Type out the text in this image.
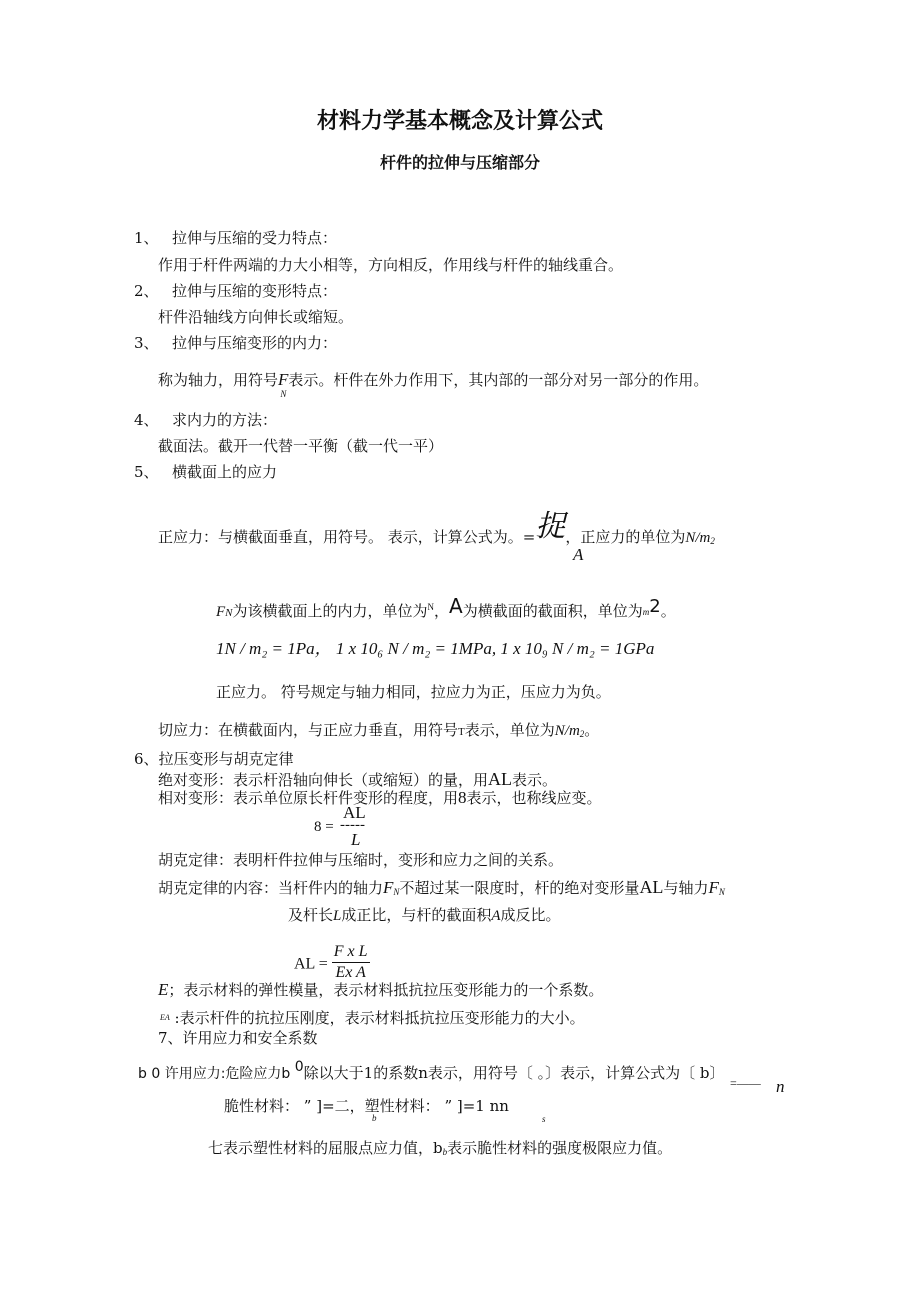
材料力学基本概念及计算公式
杆件的拉伸与压缩部分
1、 拉伸与压缩的受力特点：
作用于杆件两端的力大小相等，方向相反，作用线与杆件的轴线重合。
2、 拉伸与压缩的变形特点：
杆件沿轴线方向伸长或缩短。
3、 拉伸与压缩变形的内力：
称为轴力，用符号$F_N$表示。杆件在外力作用下，其内部的一部分对另一部分的作用。
4、 求内力的方法：
截面法。截开一代替一平衡（截一代一平）
5、 横截面上的应力
正应力：与横截面垂直，用符号。 表示，计算公式为。=捉，正应力的单位为$N/m_2$
A
FN为该横截面上的内力，单位为$^N$，A为横截面的截面积，单位为m2。
1N / m₂ = 1Pa， 1 x 10₆ N / m₂ = 1MPa, 1 x 10₉ N / m₂ = 1GPa
正应力。 符号规定与轴力相同，拉应力为正，压应力为负。
切应力：在横截面内，与正应力垂直，用符号T表示，单位为$N/m_2$。
6、拉压变形与胡克定律
绝对变形：表示杆沿轴向伸长（或缩短）的量，用AL表示。
相对变形：表示单位原长杆件变形的程度，用8表示，也称线应变。
8 =
AL
-----
L
胡克定律：表明杆件拉伸与压缩时，变形和应力之间的关系。
胡克定律的内容：当杆件内的轴力$F_N$不超过某一限度时，杆的绝对变形量AL与轴力$F_N$
及杆长L成正比，与杆的截面积A成反比。
AL = $\frac{\text{F x L}}{\text{Ex A}}$
E；表示材料的弹性模量，表示材料抵抗拉压变形能力的一个系数。
$^{EA}$ :表示杆件的抗拉压刚度，表示材料抵抗拉压变形能力的大小。
7、许用应力和安全系数
b 0 许用应力:危险应力b 0除以大于1的系数n表示，用符号〔 。〕表示，计算公式为〔 b〕
=—— n
脆性材料： ” ]=二，塑性材料： ” ]=1 nn
b	s
七表示塑性材料的屈服点应力值，$b_b$表示脆性材料的强度极限应力值。
